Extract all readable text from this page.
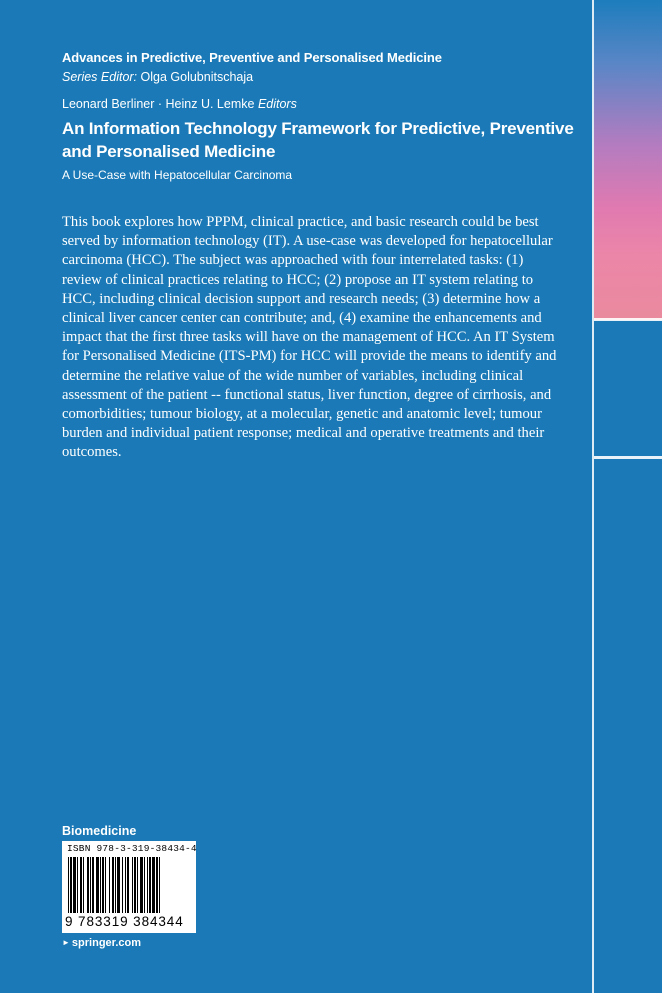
Advances in Predictive, Preventive and Personalised Medicine
Series Editor: Olga Golubnitschaja
Leonard Berliner · Heinz U. Lemke Editors
An Information Technology Framework for Predictive, Preventive and Personalised Medicine
A Use-Case with Hepatocellular Carcinoma
This book explores how PPPM, clinical practice, and basic research could be best served by information technology (IT). A use-case was developed for hepatocellular carcinoma (HCC). The subject was approached with four interrelated tasks: (1) review of clinical practices relating to HCC; (2) propose an IT system relating to HCC, including clinical decision support and research needs; (3) determine how a clinical liver cancer center can contribute; and, (4) examine the enhancements and impact that the first three tasks will have on the management of HCC. An IT System for Personalised Medicine (ITS-PM) for HCC will provide the means to identify and determine the relative value of the wide number of variables, including clinical assessment of the patient -- functional status, liver function, degree of cirrhosis, and comorbidities; tumour biology, at a molecular, genetic and anatomic level; tumour burden and individual patient response; medical and operative treatments and their outcomes.
Biomedicine
ISBN 978-3-319-38434-4
9 783319 384344
► springer.com
